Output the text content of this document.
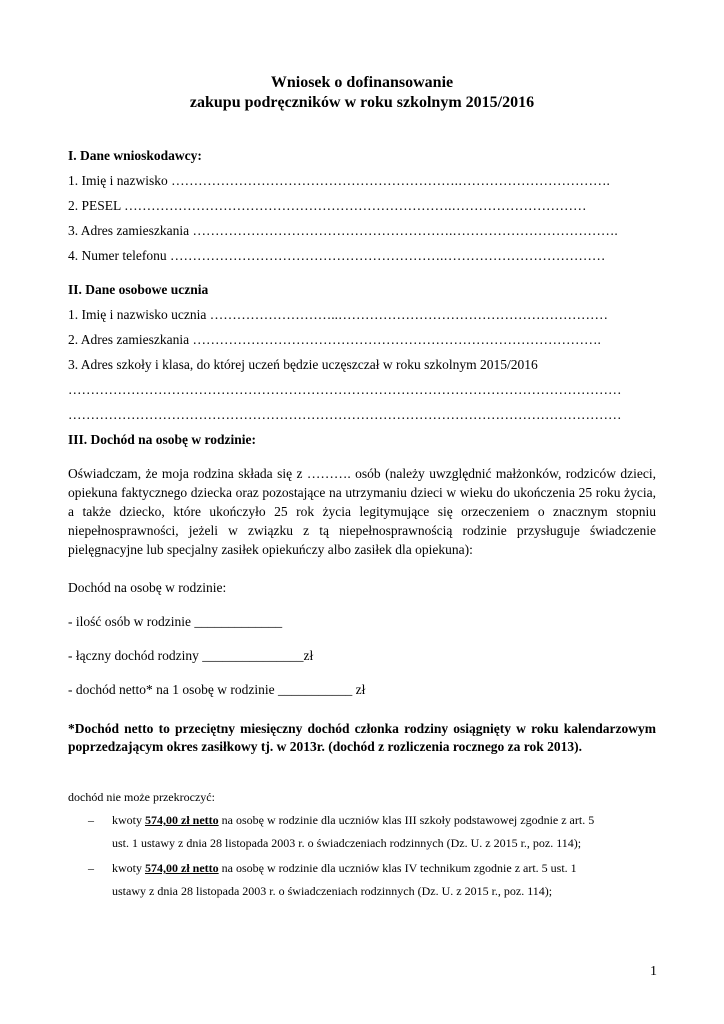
Wniosek o dofinansowanie
zakupu podręczników w roku szkolnym 2015/2016
I. Dane wnioskodawcy:
1. Imię i nazwisko ……………………………………………………….…………………………….
2. PESEL ……………………………………………………………….…………………………
3. Adres zamieszkania ………………………………………………….……………………………….
4. Numer telefonu …………………………………………………….………………………………
II. Dane osobowe ucznia
1. Imię i nazwisko ucznia ………………………..……………………………………………………
2. Adres zamieszkania ……………………………………………………………………………….
3. Adres szkoły i klasa, do której uczeń będzie uczęszczał w roku szkolnym 2015/2016
……………………………………………………………………………………………………………
……………………………………………………………………………………………………………
III. Dochód na osobę w rodzinie:
Oświadczam, że moja rodzina składa się z ………. osób (należy uwzględnić małżonków, rodziców dzieci, opiekuna faktycznego dziecka oraz pozostające na utrzymaniu dzieci w wieku do ukończenia 25 roku życia, a także dziecko, które ukończyło 25 rok życia legitymujące się orzeczeniem o znacznym stopniu niepełnosprawności, jeżeli w związku z tą niepełnosprawnością rodzinie przysługuje świadczenie pielęgnacyjne lub specjalny zasiłek opiekuńczy albo zasiłek dla opiekuna):
Dochód na osobę w rodzinie:
- ilość osób w rodzinie _____________
- łączny dochód rodziny _______________zł
- dochód netto* na 1 osobę w rodzinie ___________ zł
*Dochód netto to przeciętny miesięczny dochód członka rodziny osiągnięty w roku kalendarzowym poprzedzającym okres zasiłkowy tj. w 2013r. (dochód z rozliczenia rocznego za rok 2013).
dochód nie może przekroczyć:
– kwoty 574,00 zł netto na osobę w rodzinie dla uczniów klas III szkoły podstawowej zgodnie z art. 5
ust. 1 ustawy z dnia 28 listopada 2003 r. o świadczeniach rodzinnych (Dz. U. z 2015 r., poz. 114);
– kwoty 574,00 zł netto na osobę w rodzinie dla uczniów klas IV technikum zgodnie z art. 5 ust. 1
ustawy z dnia 28 listopada 2003 r. o świadczeniach rodzinnych (Dz. U. z 2015 r., poz. 114);
1
